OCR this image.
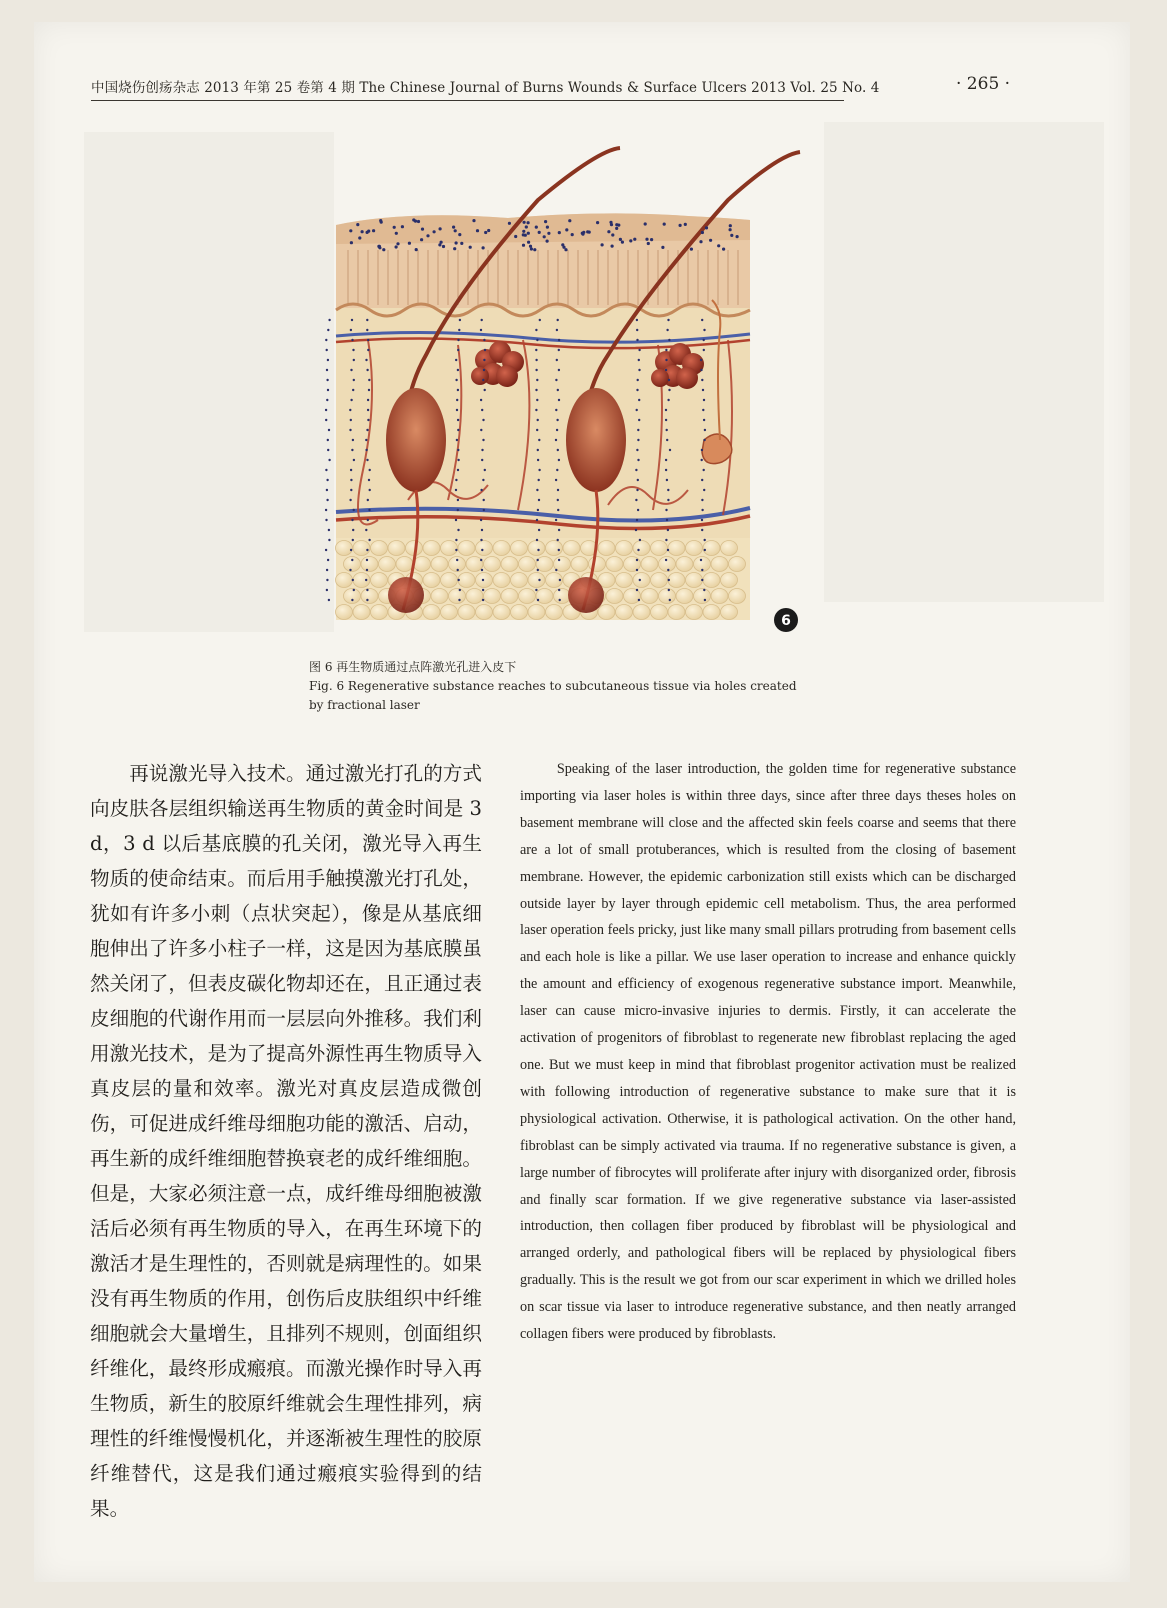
中国烧伤创疡杂志 2013 年第 25 卷第 4 期 The Chinese Journal of Burns Wounds & Surface Ulcers 2013 Vol. 25 No. 4	· 265 ·
6
图 6 再生物质通过点阵激光孔进入皮下
Fig. 6 Regenerative substance reaches to subcutaneous tissue via holes created
by fractional laser
再说激光导入技术。通过激光打孔的方式向皮肤各层组织输送再生物质的黄金时间是 3 d，3 d 以后基底膜的孔关闭，激光导入再生物质的使命结束。而后用手触摸激光打孔处，犹如有许多小刺（点状突起），像是从基底细胞伸出了许多小柱子一样，这是因为基底膜虽然关闭了，但表皮碳化物却还在，且正通过表皮细胞的代谢作用而一层层向外推移。我们利用激光技术，是为了提高外源性再生物质导入真皮层的量和效率。激光对真皮层造成微创伤，可促进成纤维母细胞功能的激活、启动，再生新的成纤维细胞替换衰老的成纤维细胞。但是，大家必须注意一点，成纤维母细胞被激活后必须有再生物质的导入，在再生环境下的激活才是生理性的，否则就是病理性的。如果没有再生物质的作用，创伤后皮肤组织中纤维细胞就会大量增生，且排列不规则，创面组织纤维化，最终形成瘢痕。而激光操作时导入再生物质，新生的胶原纤维就会生理性排列，病理性的纤维慢慢机化，并逐渐被生理性的胶原纤维替代，这是我们通过瘢痕实验得到的结果。
Speaking of the laser introduction, the golden time for regenerative substance importing via laser holes is within three days, since after three days theses holes on basement membrane will close and the affected skin feels coarse and seems that there are a lot of small protuberances, which is resulted from the closing of basement membrane. However, the epidemic carbonization still exists which can be discharged outside layer by layer through epidemic cell metabolism. Thus, the area performed laser operation feels pricky, just like many small pillars protruding from basement cells and each hole is like a pillar. We use laser operation to increase and enhance quickly the amount and efficiency of exogenous regenerative substance import. Meanwhile, laser can cause micro-invasive injuries to dermis. Firstly, it can accelerate the activation of progenitors of fibroblast to regenerate new fibroblast replacing the aged one. But we must keep in mind that fibroblast progenitor activation must be realized with following introduction of regenerative substance to make sure that it is physiological activation. Otherwise, it is pathological activation. On the other hand, fibroblast can be simply activated via trauma. If no regenerative substance is given, a large number of fibrocytes will proliferate after injury with disorganized order, fibrosis and finally scar formation. If we give regenerative substance via laser-assisted introduction, then collagen fiber produced by fibroblast will be physiological and arranged orderly, and pathological fibers will be replaced by physiological fibers gradually. This is the result we got from our scar experiment in which we drilled holes on scar tissue via laser to introduce regenerative substance, and then neatly arranged collagen fibers were produced by fibroblasts.
